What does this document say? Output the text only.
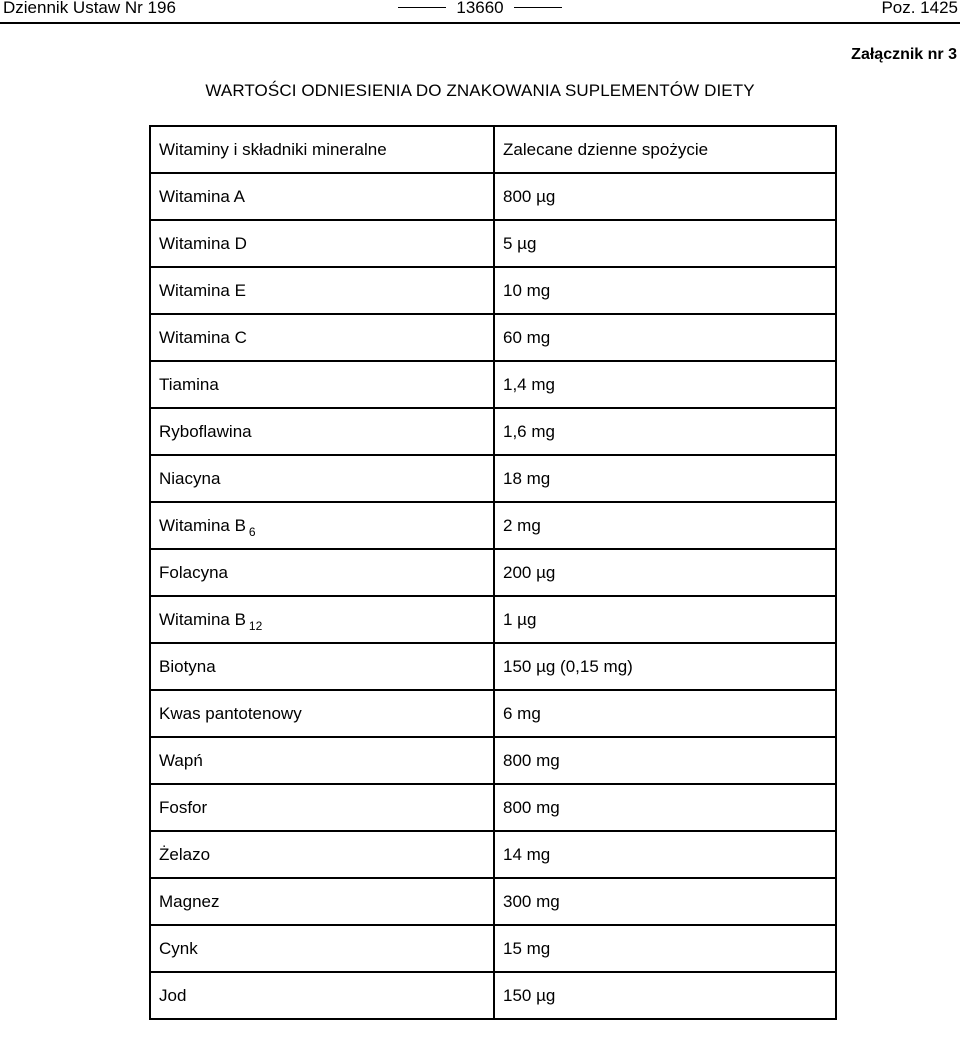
Dziennik Ustaw Nr 196	13660	Poz. 1425
Załącznik nr 3
WARTOŚCI ODNIESIENIA DO ZNAKOWANIA SUPLEMENTÓW DIETY
Witaminy i składniki mineralne	Zalecane dzienne spożycie
Witamina A	800 µg
Witamina D	5 µg
Witamina E	10 mg
Witamina C	60 mg
Tiamina	1,4 mg
Ryboflawina	1,6 mg
Niacyna	18 mg
Witamina B $_6$	2 mg
Folacyna	200 µg
Witamina B $_{12}$	1 µg
Biotyna	150 µg (0,15 mg)
Kwas pantotenowy	6 mg
Wapń	800 mg
Fosfor	800 mg
Żelazo	14 mg
Magnez	300 mg
Cynk	15 mg
Jod	150 µg
